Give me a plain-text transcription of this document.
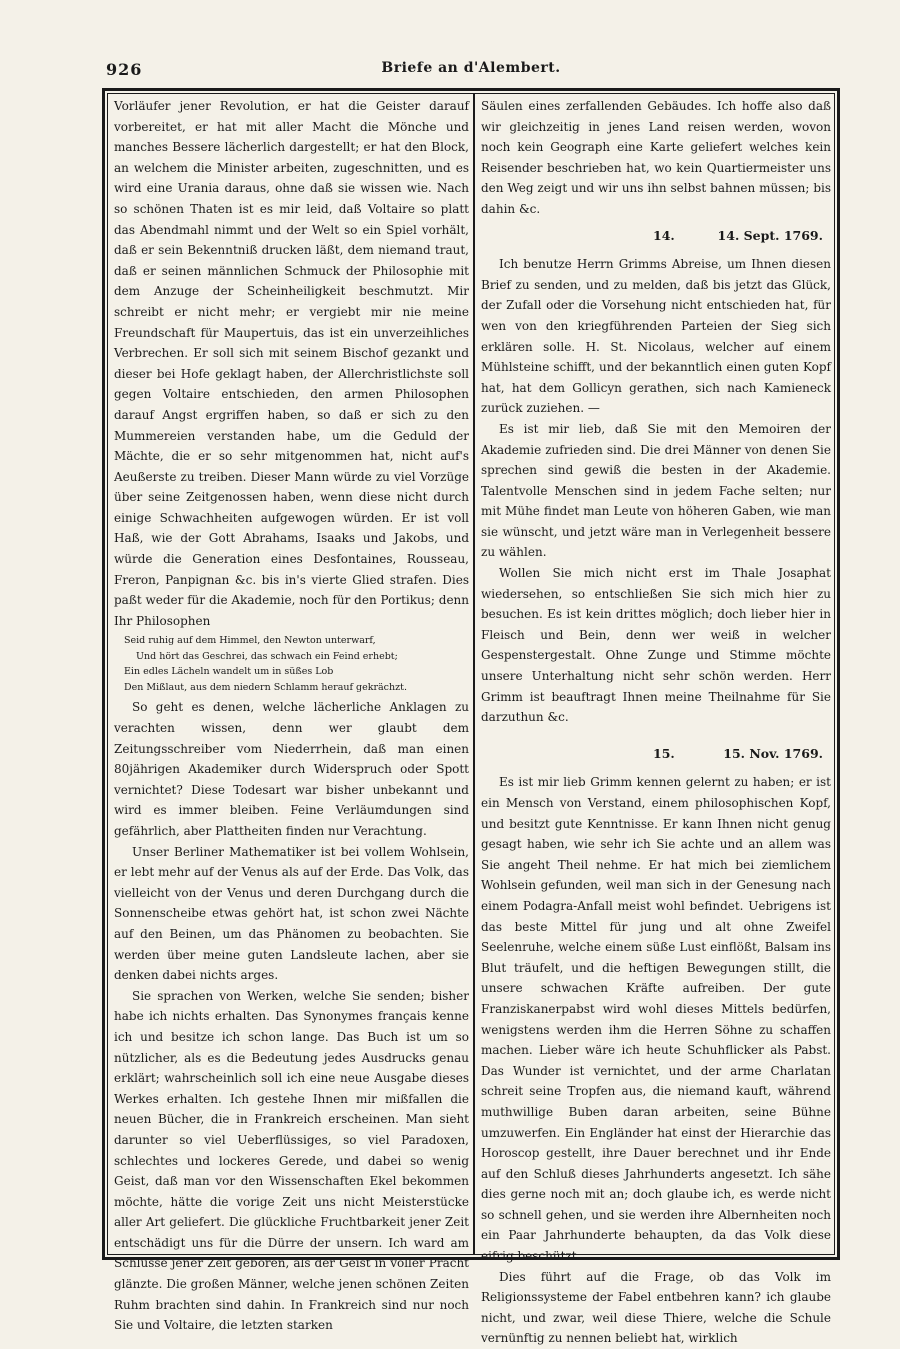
926	Briefe an d'Alembert.

Vorläufer jener Revolution, er hat die Geister darauf vorbereitet, er hat mit aller Macht die Mönche und manches Bessere lächerlich dargestellt; er hat den Block, an welchem die Minister arbeiten, zugeschnitten, und es wird eine Urania daraus, ohne daß sie wissen wie. Nach so schönen Thaten ist es mir leid, daß Voltaire so platt das Abendmahl nimmt und der Welt so ein Spiel vorhält, daß er sein Bekenntniß drucken läßt, dem niemand traut, daß er seinen männlichen Schmuck der Philosophie mit dem Anzuge der Scheinheiligkeit beschmutzt. Mir schreibt er nicht mehr; er vergiebt mir nie meine Freundschaft für Maupertuis, das ist ein unverzeihliches Verbrechen. Er soll sich mit seinem Bischof gezankt und dieser bei Hofe geklagt haben, der Allerchristlichste soll gegen Voltaire entschieden, den armen Philosophen darauf Angst ergriffen haben, so daß er sich zu den Mummereien verstanden habe, um die Geduld der Mächte, die er so sehr mitgenommen hat, nicht auf's Aeußerste zu treiben. Dieser Mann würde zu viel Vorzüge über seine Zeitgenossen haben, wenn diese nicht durch einige Schwachheiten aufgewogen würden. Er ist voll Haß, wie der Gott Abrahams, Isaaks und Jakobs, und würde die Generation eines Desfontaines, Rousseau, Freron, Panpignan &c. bis in's vierte Glied strafen. Dies paßt weder für die Akademie, noch für den Portikus; denn Ihr Philosophen

Seid ruhig auf dem Himmel, den Newton unterwarf,
Und hört das Geschrei, das schwach ein Feind erhebt;
Ein edles Lächeln wandelt um in süßes Lob
Den Mißlaut, aus dem niedern Schlamm herauf gekrächzt.

So geht es denen, welche lächerliche Anklagen zu verachten wissen, denn wer glaubt dem Zeitungsschreiber vom Niederrhein, daß man einen 80jährigen Akademiker durch Widerspruch oder Spott vernichtet? Diese Todesart war bisher unbekannt und wird es immer bleiben. Feine Verläumdungen sind gefährlich, aber Plattheiten finden nur Verachtung.

Unser Berliner Mathematiker ist bei vollem Wohlsein, er lebt mehr auf der Venus als auf der Erde. Das Volk, das vielleicht von der Venus und deren Durchgang durch die Sonnenscheibe etwas gehört hat, ist schon zwei Nächte auf den Beinen, um das Phänomen zu beobachten. Sie werden über meine guten Landsleute lachen, aber sie denken dabei nichts arges.

Sie sprachen von Werken, welche Sie senden; bisher habe ich nichts erhalten. Das Synonymes français kenne ich und besitze ich schon lange. Das Buch ist um so nützlicher, als es die Bedeutung jedes Ausdrucks genau erklärt; wahrscheinlich soll ich eine neue Ausgabe dieses Werkes erhalten. Ich gestehe Ihnen mir mißfallen die neuen Bücher, die in Frankreich erscheinen. Man sieht darunter so viel Ueberflüssiges, so viel Paradoxen, schlechtes und lockeres Gerede, und dabei so wenig Geist, daß man vor den Wissenschaften Ekel bekommen möchte, hätte die vorige Zeit uns nicht Meisterstücke aller Art geliefert. Die glückliche Fruchtbarkeit jener Zeit entschädigt uns für die Dürre der unsern. Ich ward am Schlusse jener Zeit geboren, als der Geist in voller Pracht glänzte. Die großen Männer, welche jenen schönen Zeiten Ruhm brachten sind dahin. In Frankreich sind nur noch Sie und Voltaire, die letzten starken

Säulen eines zerfallenden Gebäudes. Ich hoffe also daß wir gleichzeitig in jenes Land reisen werden, wovon noch kein Geograph eine Karte geliefert welches kein Reisender beschrieben hat, wo kein Quartiermeister uns den Weg zeigt und wir uns ihn selbst bahnen müssen; bis dahin &c.

14.	14. Sept. 1769.

Ich benutze Herrn Grimms Abreise, um Ihnen diesen Brief zu senden, und zu melden, daß bis jetzt das Glück, der Zufall oder die Vorsehung nicht entschieden hat, für wen von den kriegführenden Parteien der Sieg sich erklären solle. H. St. Nicolaus, welcher auf einem Mühlsteine schifft, und der bekanntlich einen guten Kopf hat, hat dem Gollicyn gerathen, sich nach Kamieneck zurück zuziehen. —

Es ist mir lieb, daß Sie mit den Memoiren der Akademie zufrieden sind. Die drei Männer von denen Sie sprechen sind gewiß die besten in der Akademie. Talentvolle Menschen sind in jedem Fache selten; nur mit Mühe findet man Leute von höheren Gaben, wie man sie wünscht, und jetzt wäre man in Verlegenheit bessere zu wählen.

Wollen Sie mich nicht erst im Thale Josaphat wiedersehen, so entschließen Sie sich mich hier zu besuchen. Es ist kein drittes möglich; doch lieber hier in Fleisch und Bein, denn wer weiß in welcher Gespenstergestalt. Ohne Zunge und Stimme möchte unsere Unterhaltung nicht sehr schön werden. Herr Grimm ist beauftragt Ihnen meine Theilnahme für Sie darzuthun &c.

15.	15. Nov. 1769.

Es ist mir lieb Grimm kennen gelernt zu haben; er ist ein Mensch von Verstand, einem philosophischen Kopf, und besitzt gute Kenntnisse. Er kann Ihnen nicht genug gesagt haben, wie sehr ich Sie achte und an allem was Sie angeht Theil nehme. Er hat mich bei ziemlichem Wohlsein gefunden, weil man sich in der Genesung nach einem Podagra-Anfall meist wohl befindet. Uebrigens ist das beste Mittel für jung und alt ohne Zweifel Seelenruhe, welche einem süße Lust einflößt, Balsam ins Blut träufelt, und die heftigen Bewegungen stillt, die unsere schwachen Kräfte aufreiben. Der gute Franziskanerpabst wird wohl dieses Mittels bedürfen, wenigstens werden ihm die Herren Söhne zu schaffen machen. Lieber wäre ich heute Schuhflicker als Pabst. Das Wunder ist vernichtet, und der arme Charlatan schreit seine Tropfen aus, die niemand kauft, während muthwillige Buben daran arbeiten, seine Bühne umzuwerfen. Ein Engländer hat einst der Hierarchie das Horoscop gestellt, ihre Dauer berechnet und ihr Ende auf den Schluß dieses Jahrhunderts angesetzt. Ich sähe dies gerne noch mit an; doch glaube ich, es werde nicht so schnell gehen, und sie werden ihre Albernheiten noch ein Paar Jahrhunderte behaupten, da das Volk diese eifrig beschützt.

Dies führt auf die Frage, ob das Volk im Religionssysteme der Fabel entbehren kann? ich glaube nicht, und zwar, weil diese Thiere, welche die Schule vernünftig zu nennen beliebt hat, wirklich
